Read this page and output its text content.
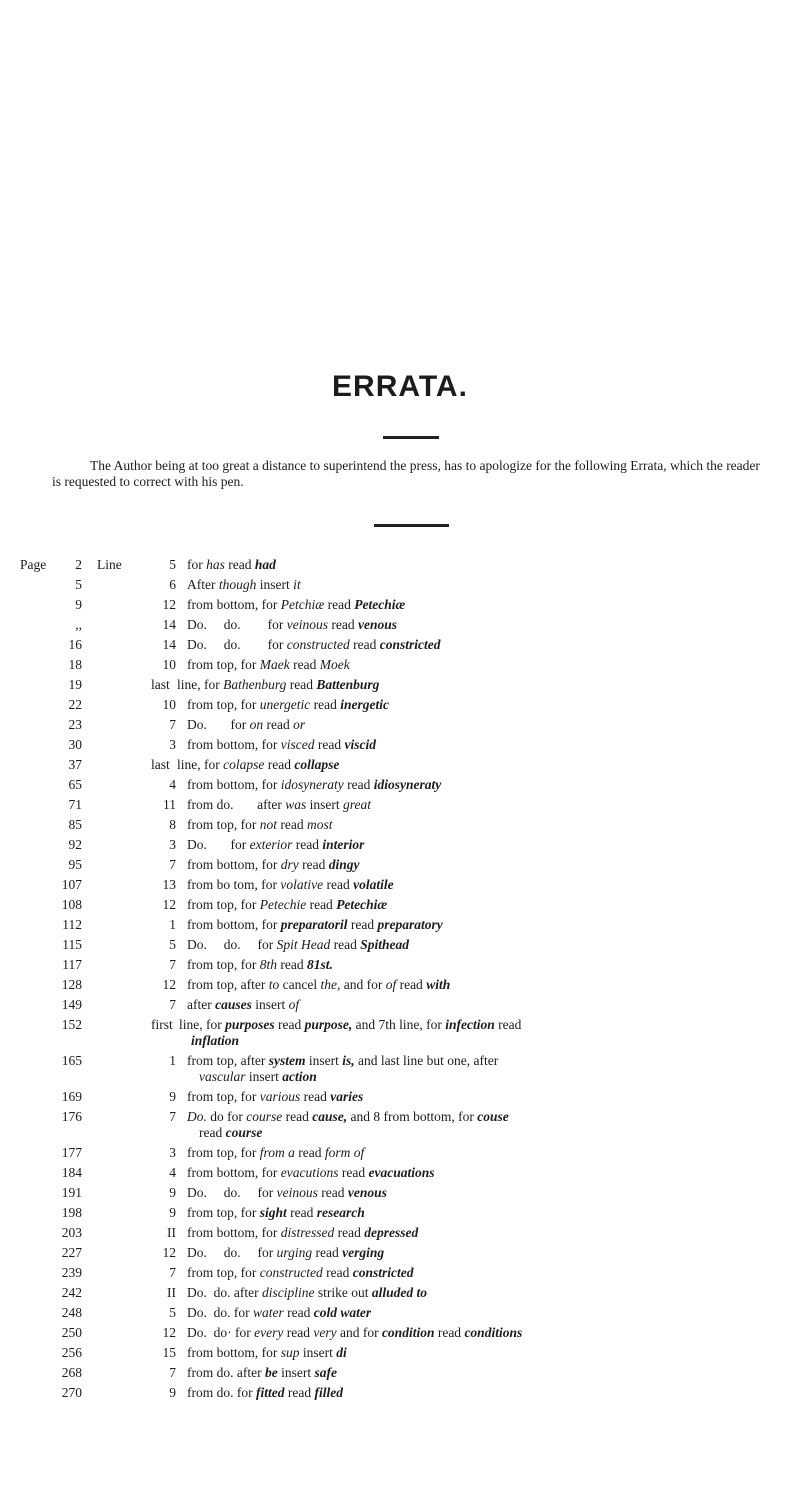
ERRATA.

The Author being at too great a distance to superintend the press, has to apologize for the following Errata, which the reader is requested to correct with his pen.

Page	Line
2	5 for has read had
5	6 After though insert it
9	12 from bottom, for Petchiæ read Petechiæ
,,	14 Do.     do.        for veinous read venous
16	14 Do.     do.        for constructed read constricted
18	10 from top, for Maek read Moek
19	last line, for Bathenburg read Battenburg
22	10 from top, for unergetic read inergetic
23	7 Do.       for on read or
30	3 from bottom, for visced read viscid
37	last line, for colapse read collapse
65	4 from bottom, for idosyneraty read idiosyneraty
71	11 from do.       after was insert great
85	8 from top, for not read most
92	3 Do.       for exterior read interior
95	7 from bottom, for dry read dingy
107	13 from bo tom, for volative read volatile
108	12 from top, for Petechie read Petechiæ
112	1 from bottom, for preparatoril read preparatory
115	5 Do.     do.     for Spit Head read Spithead
117	7 from top, for 8th read 81st.
128	12 from top, after to cancel the, and for of read with
149	7 after causes insert of
152	first line, for purposes read purpose, and 7th line, for infection read
inflation
165	1 from top, after system insert is, and last line but one, after
vascular insert action
169	9 from top, for various read varies
176	7 Do. do for course read cause, and 8 from bottom, for couse
read course
177	3 from top, for from a read form of
184	4 from bottom, for evacutions read evacuations
191	9 Do.     do.     for veinous read venous
198	9 from top, for sight read research
203	II from bottom, for distressed read depressed
227	12 Do.     do.     for urging read verging
239	7 from top, for constructed read constricted
242	II Do.  do. after discipline strike out alluded to
248	5 Do.  do. for water read cold water
250	12 Do.  do· for every read very and for condition read conditions
256	15 from bottom, for sup insert di
268	7 from do. after be insert safe
270	9 from do. for fitted read filled
